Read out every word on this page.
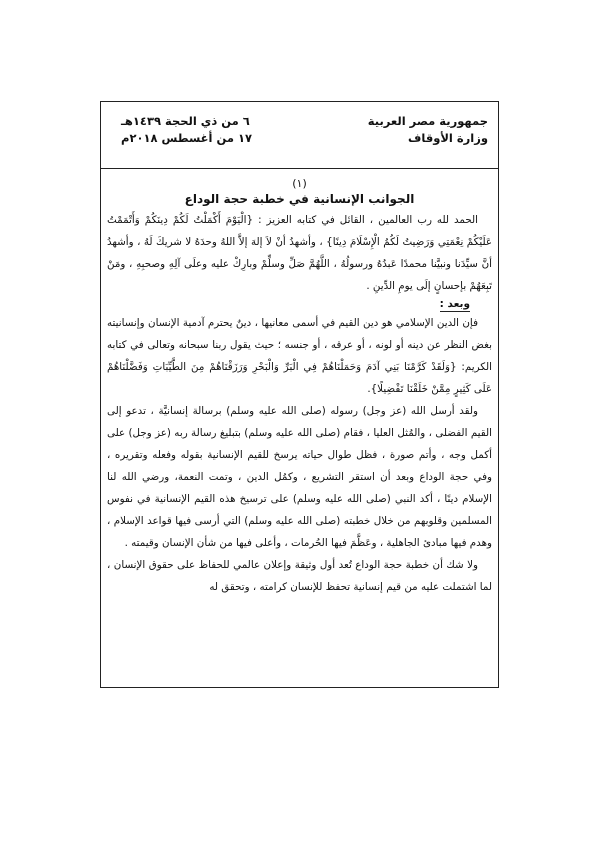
جمهورية مصر العربية
وزارة الأوقاف
٦ من ذي الحجة ١٤٣٩هـ
١٧ من أغسطس ٢٠١٨م
(١)
الجوانب الإنسانية في خطبة حجة الوداع

الحمد لله رب العالمين ، القائل في كتابه العزيز : {الْيَوْمَ أَكْمَلْتُ لَكُمْ دِينَكُمْ وَأَتْمَمْتُ عَلَيْكُمْ نِعْمَتِي وَرَضِيتُ لَكُمُ الْإِسْلَامَ دِينًا} ، وأشهدُ أنْ لاَ إلهَ إلاَّ اللهُ وحدَهُ لا شريكَ لَهُ ، وأشهدُ أنَّ سيِّدَنا ونبيَّنا محمدًا عَبدُهُ ورسولُهُ ، اللَّهُمَّ صَلِّ وسلِّمْ وبارِكْ عليه وعلَى آلِهِ وصحبِهِ ، ومَنْ تَبِعَهُمْ بإحسانٍ إلَى يومِ الدِّينِ .

وبعد :

فإن الدين الإسلامي هو دين القيم في أسمى معانيها ، دينٌ يحترم آدمية الإنسان وإنسانيته بغض النظر عن دينه أو لونه ، أو عرقه ، أو جنسه ؛ حيث يقول ربنا سبحانه وتعالى في كتابه الكريم: {وَلَقَدْ كَرَّمْنَا بَنِي آدَمَ وَحَمَلْنَاهُمْ فِي الْبَرِّ وَالْبَحْرِ وَرَزَقْنَاهُمْ مِنَ الطَّيِّبَاتِ وَفَضَّلْنَاهُمْ عَلَى كَثِيرٍ مِمَّنْ خَلَقْنَا تَفْضِيلًا}.

ولقد أرسل الله (عز وجل) رسوله (صلى الله عليه وسلم) برسالة إنسانيَّة ، تدعو إلى القيم الفضلى ، والمُثل العليا ، فقام (صلى الله عليه وسلم) بتبليغ رسالة ربه (عز وجل) على أكمل وجه ، وأتم صورة ، فظل طوال حياته يرسخ للقيم الإنسانية بقوله وفعله وتقريره ، وفي حجة الوداع وبعد أن استقر التشريع ، وكمُل الدين ، وتمت النعمة، ورضي الله لنا الإسلام دينًا ، أكد النبي (صلى الله عليه وسلم) على ترسيخ هذه القيم الإنسانية في نفوس المسلمين وقلوبهم من خلال خطبته (صلى الله عليه وسلم) التي أرسى فيها قواعد الإسلام ، وهدم فيها مبادئ الجاهلية ، وعَظَّمَ فيها الحُرمات ، وأعلى فيها من شأن الإنسان وقيمته .

ولا شك أن خطبة حجة الوداع تُعد أول وثيقة وإعلان عالمي للحفاظ على حقوق الإنسان ، لما اشتملت عليه من قيم إنسانية تحفظ للإنسان كرامته ، وتحقق له
